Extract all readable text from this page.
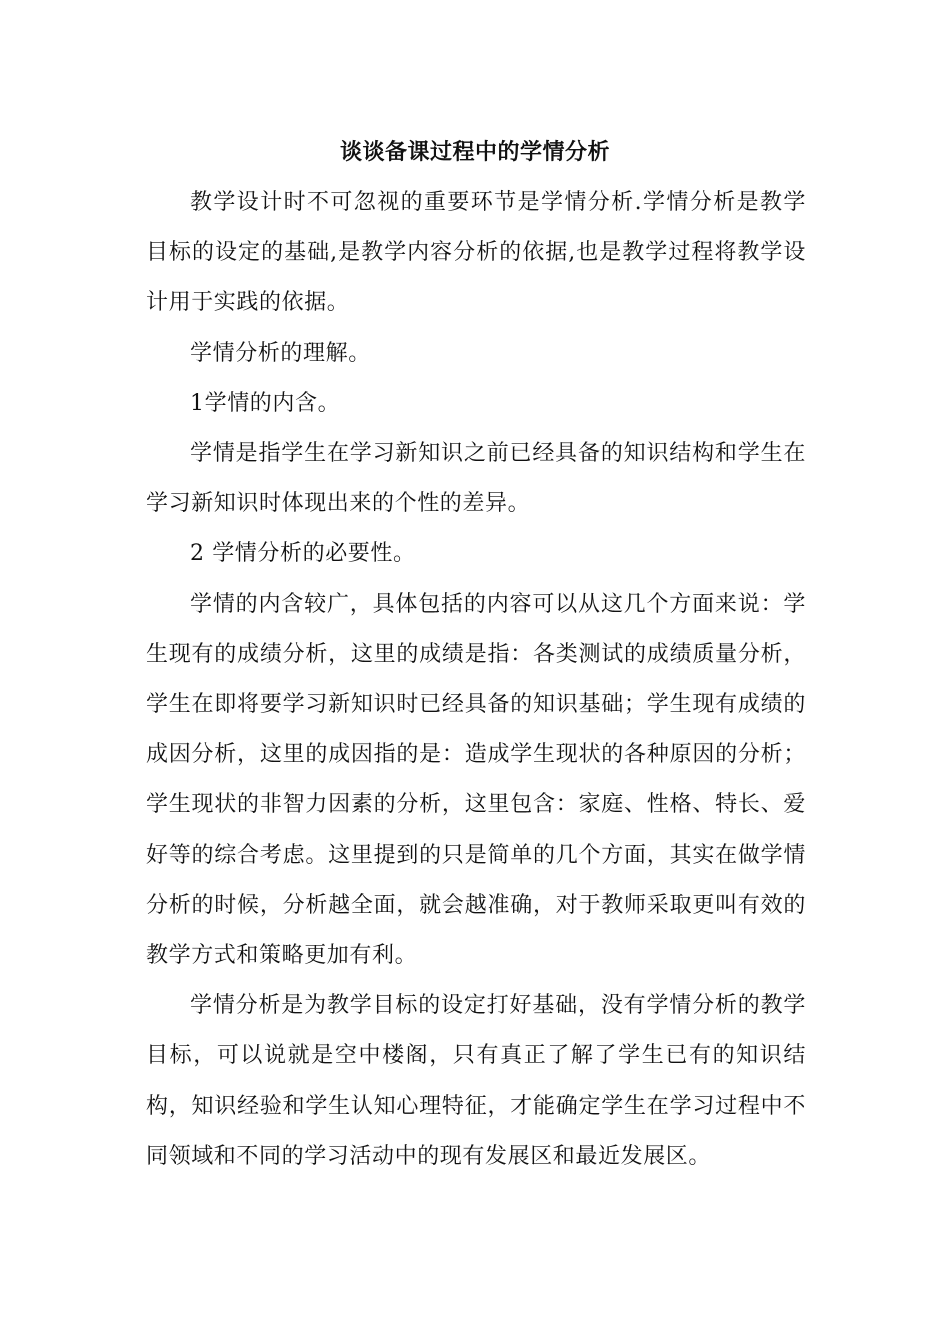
谈谈备课过程中的学情分析

教学设计时不可忽视的重要环节是学情分析.学情分析是教学目标的设定的基础,是教学内容分析的依据,也是教学过程将教学设计用于实践的依据。

学情分析的理解。

1学情的内含。

学情是指学生在学习新知识之前已经具备的知识结构和学生在学习新知识时体现出来的个性的差异。

2 学情分析的必要性。

学情的内含较广，具体包括的内容可以从这几个方面来说：学生现有的成绩分析，这里的成绩是指：各类测试的成绩质量分析，学生在即将要学习新知识时已经具备的知识基础；学生现有成绩的成因分析，这里的成因指的是：造成学生现状的各种原因的分析；学生现状的非智力因素的分析，这里包含：家庭、性格、特长、爱好等的综合考虑。这里提到的只是简单的几个方面，其实在做学情分析的时候，分析越全面，就会越准确，对于教师采取更叫有效的教学方式和策略更加有利。

学情分析是为教学目标的设定打好基础，没有学情分析的教学目标，可以说就是空中楼阁，只有真正了解了学生已有的知识结构，知识经验和学生认知心理特征，才能确定学生在学习过程中不同领域和不同的学习活动中的现有发展区和最近发展区。
